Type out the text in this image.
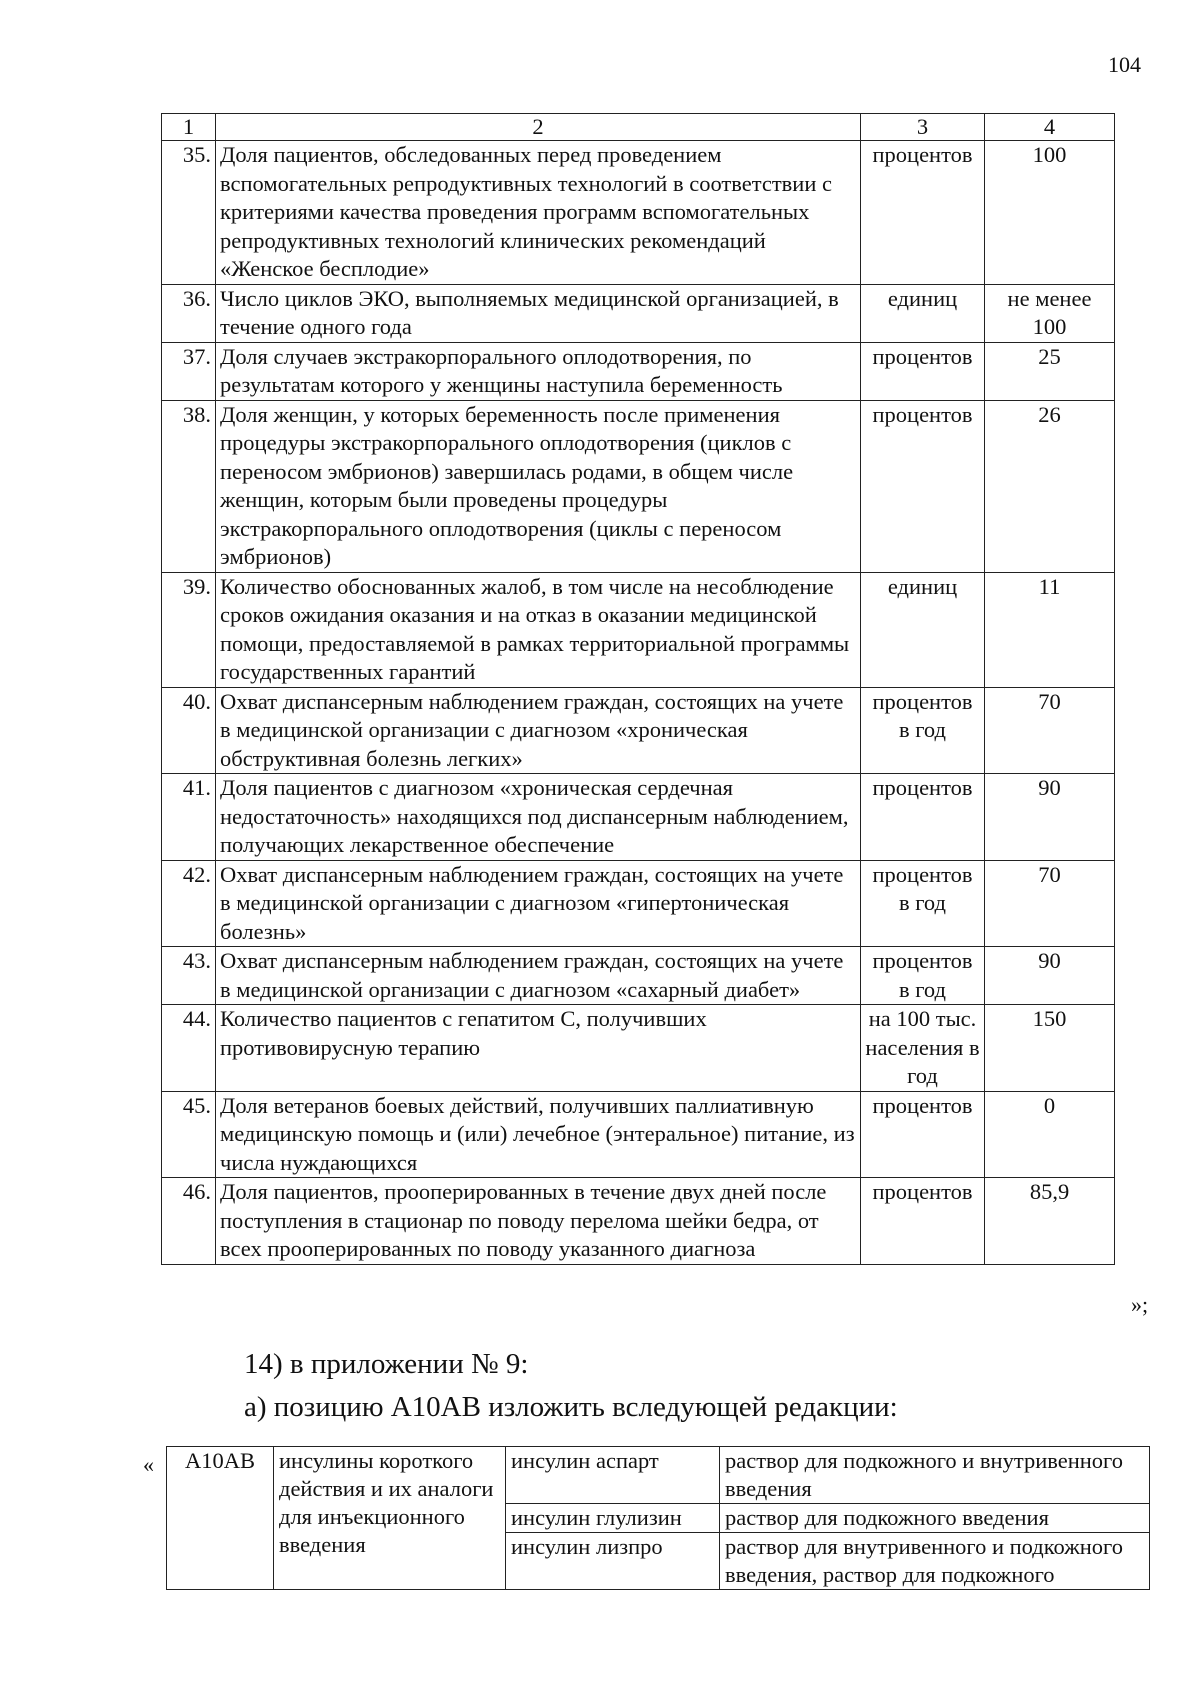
104
1	2	3	4
35.	Доля пациентов, обследованных перед проведением вспомогательных репродуктивных технологий в соответствии с критериями качества проведения программ вспомогательных репродуктивных технологий клинических рекомендаций «Женское бесплодие»	процентов	100
36.	Число циклов ЭКО, выполняемых медицинской организацией, в течение одного года	единиц	не менее 100
37.	Доля случаев экстракорпорального оплодотворения, по результатам которого у женщины наступила беременность	процентов	25
38.	Доля женщин, у которых беременность после применения процедуры экстракорпорального оплодотворения (циклов с переносом эмбрионов) завершилась родами, в общем числе женщин, которым были проведены процедуры экстракорпорального оплодотворения (циклы с переносом эмбрионов)	процентов	26
39.	Количество обоснованных жалоб, в том числе на несоблюдение сроков ожидания оказания и на отказ в оказании медицинской помощи, предоставляемой в рамках территориальной программы государственных гарантий	единиц	11
40.	Охват диспансерным наблюдением граждан, состоящих на учете в медицинской организации с диагнозом «хроническая обструктивная болезнь легких»	процентов в год	70
41.	Доля пациентов с диагнозом «хроническая сердечная недостаточность» находящихся под диспансерным наблюдением, получающих лекарственное обеспечение	процентов	90
42.	Охват диспансерным наблюдением граждан, состоящих на учете в медицинской организации с диагнозом «гипертоническая болезнь»	процентов в год	70
43.	Охват диспансерным наблюдением граждан, состоящих на учете в медицинской организации с диагнозом «сахарный диабет»	процентов в год	90
44.	Количество пациентов с гепатитом С, получивших противовирусную терапию	на 100 тыс. населения в год	150
45.	Доля ветеранов боевых действий, получивших паллиативную медицинскую помощь и (или) лечебное (энтеральное) питание, из числа нуждающихся	процентов	0
46.	Доля пациентов, прооперированных в течение двух дней после поступления в стационар по поводу перелома шейки бедра, от всех прооперированных по поводу указанного диагноза	процентов	85,9
»;
14) в приложении № 9:
а) позицию A10AB изложить вследующей редакции:
« A10AB	инсулины короткого действия и их аналоги для инъекционного введения	инсулин аспарт	раствор для подкожного и внутривенного введения
		инсулин глулизин	раствор для подкожного введения
		инсулин лизпро	раствор для внутривенного и подкожного введения, раствор для подкожного
